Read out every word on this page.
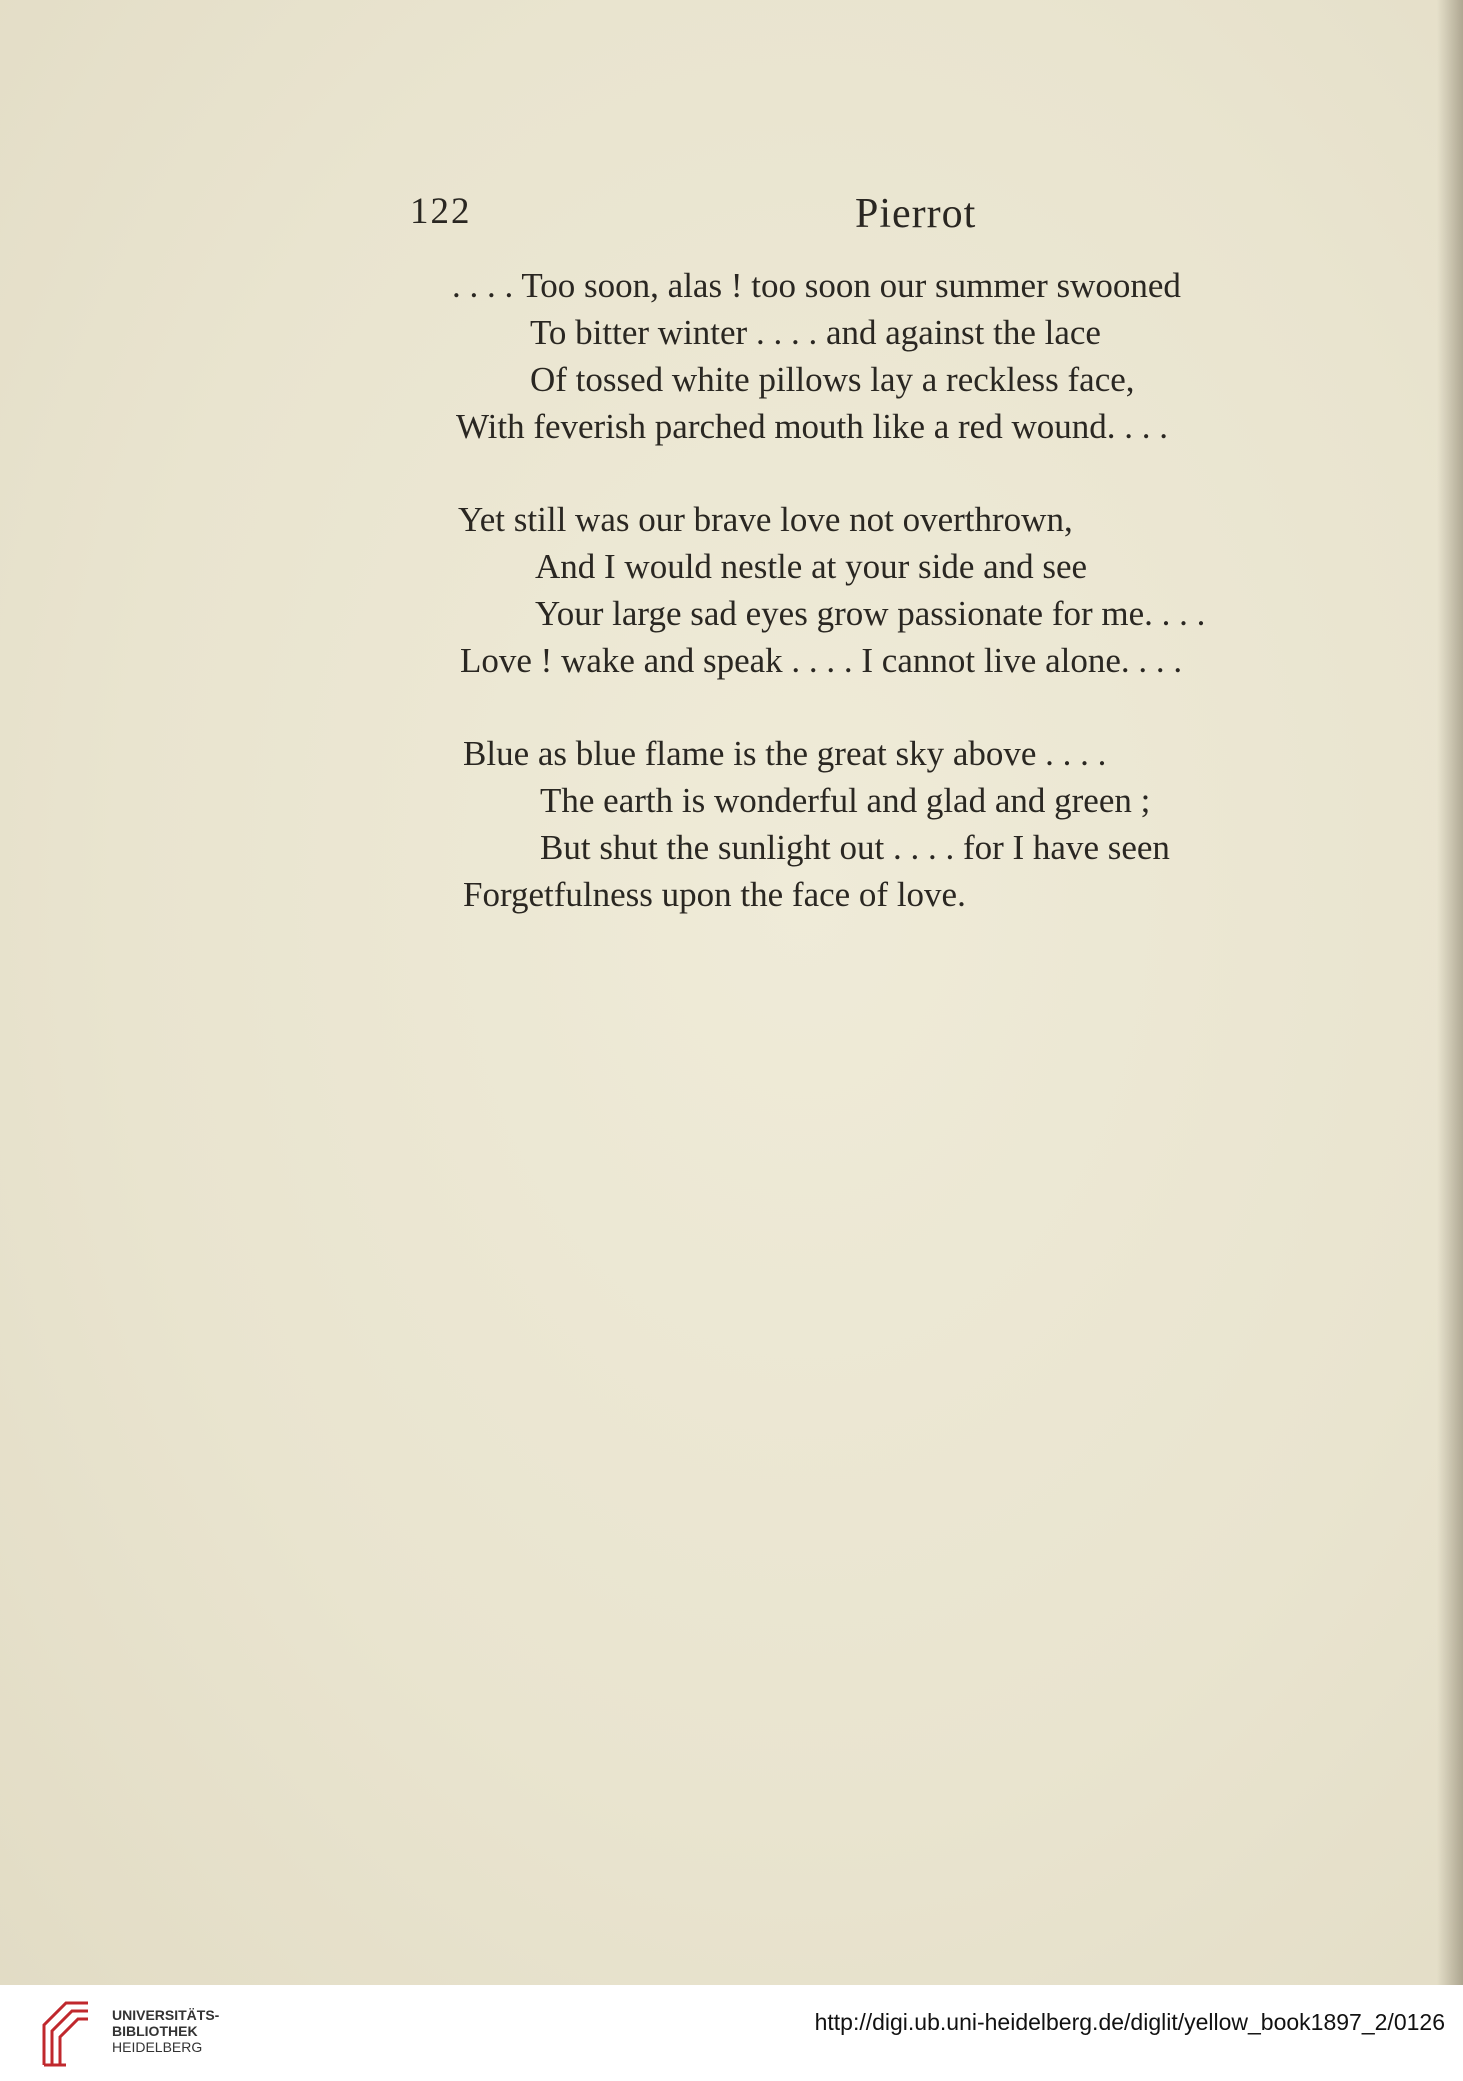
122	Pierrot
. . . . Too soon, alas ! too soon our summer swooned
To bitter winter . . . . and against the lace
Of tossed white pillows lay a reckless face,
With feverish parched mouth like a red wound. . . .
Yet still was our brave love not overthrown,
And I would nestle at your side and see
Your large sad eyes grow passionate for me. . . .
Love ! wake and speak . . . . I cannot live alone. . . .
Blue as blue flame is the great sky above . . . .
The earth is wonderful and glad and green ;
But shut the sunlight out . . . . for I have seen
Forgetfulness upon the face of love.
UNIVERSITÄTS-
BIBLIOTHEK
HEIDELBERG
http://digi.ub.uni-heidelberg.de/diglit/yellow_book1897_2/0126
